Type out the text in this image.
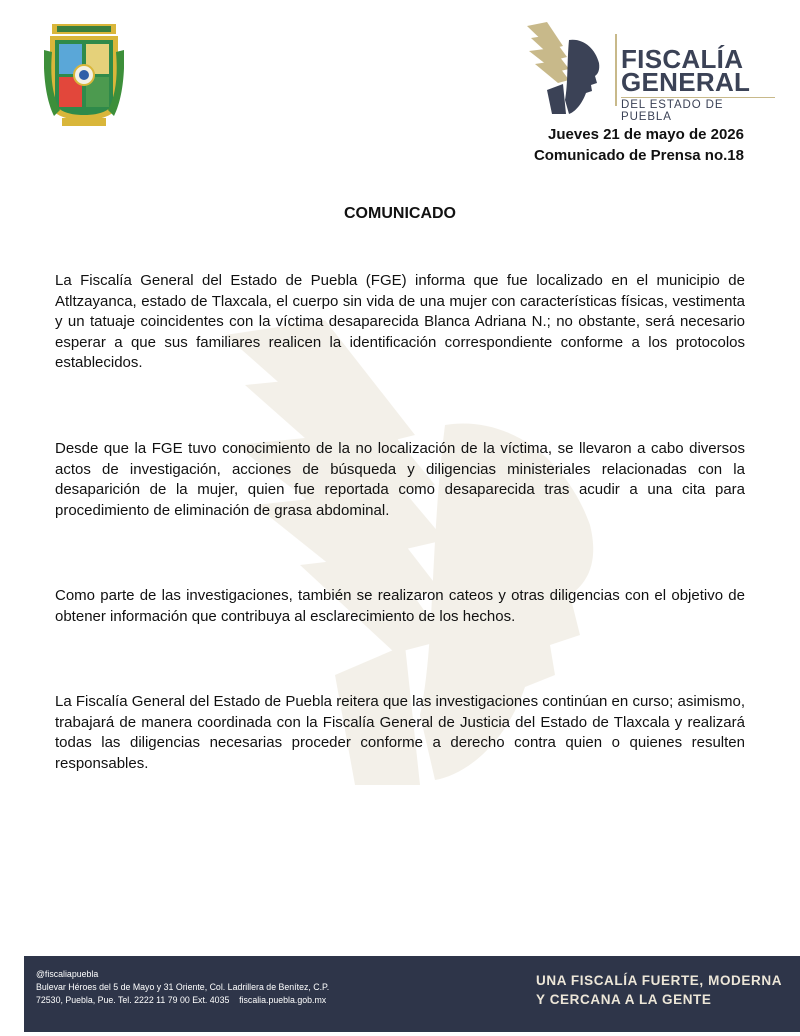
FISCALÍA
GENERAL
DEL ESTADO DE PUEBLA
Jueves 21 de mayo de 2026
Comunicado de Prensa no.18
COMUNICADO

La Fiscalía General del Estado de Puebla (FGE) informa que fue localizado en el municipio de Atltzayanca, estado de Tlaxcala, el cuerpo sin vida de una mujer con características físicas, vestimenta y un tatuaje coincidentes con la víctima desaparecida Blanca Adriana N.; no obstante, será necesario esperar a que sus familiares realicen la identificación correspondiente conforme a los protocolos establecidos.

Desde que la FGE tuvo conocimiento de la no localización de la víctima, se llevaron a cabo diversos actos de investigación, acciones de búsqueda y diligencias ministeriales relacionadas con la desaparición de la mujer, quien fue reportada como desaparecida tras acudir a una cita para procedimiento de eliminación de grasa abdominal.

Como parte de las investigaciones, también se realizaron cateos y otras diligencias con el objetivo de obtener información que contribuya al esclarecimiento de los hechos.

La Fiscalía General del Estado de Puebla reitera que las investigaciones continúan en curso; asimismo, trabajará de manera coordinada con la Fiscalía General de Justicia del Estado de Tlaxcala y realizará todas las diligencias necesarias proceder conforme a derecho contra quien o quienes resulten responsables.

@fiscaliapuebla
Bulevar Héroes del 5 de Mayo y 31 Oriente, Col. Ladrillera de Benítez, C.P.
72530, Puebla, Pue. Tel. 2222 11 79 00 Ext. 4035    fiscalia.puebla.gob.mx
UNA FISCALÍA FUERTE, MODERNA
Y CERCANA A LA GENTE
